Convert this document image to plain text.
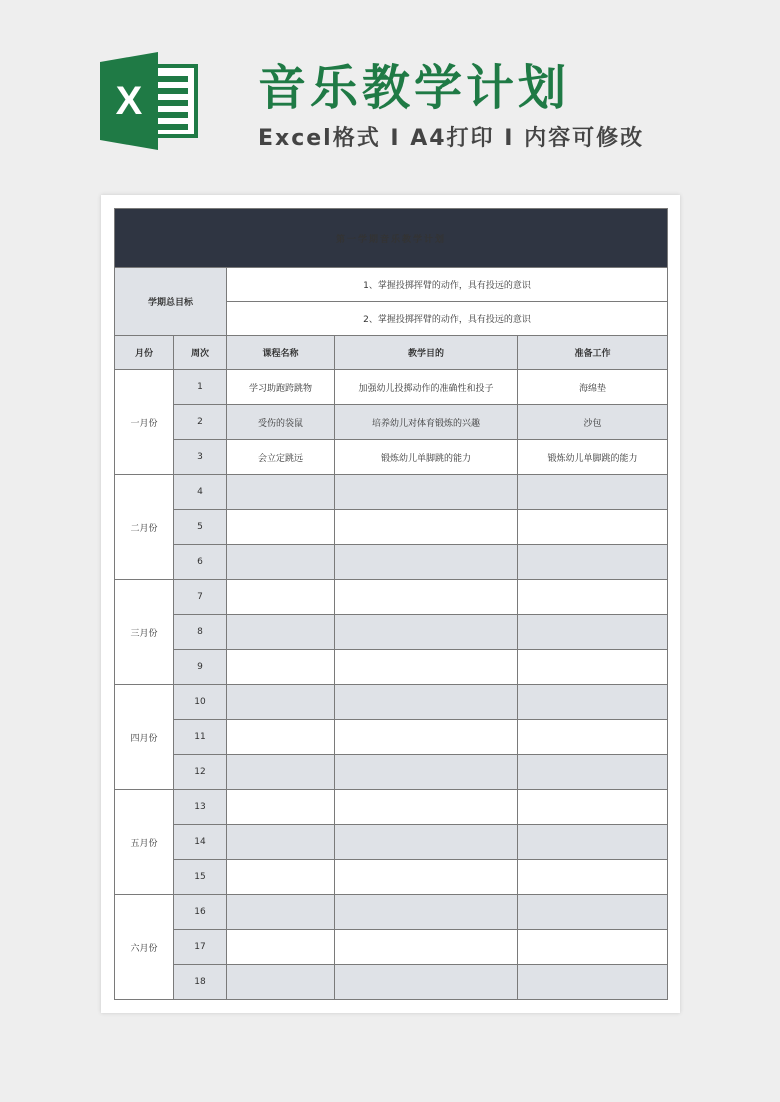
X 音乐教学计划
Excel格式 I A4打印 I 内容可修改
第一学期音乐教学计划				
学期总目标		1、掌握投掷挥臂的动作，具有投远的意识		
		2、掌握投掷挥臂的动作，具有投远的意识		
月份	周次	课程名称	教学目的	准备工作
一月份	1	学习助跑跨跳物	加强幼儿投掷动作的准确性和投子	海绵垫
	2	受伤的袋鼠	培养幼儿对体育锻炼的兴趣	沙包
	3	会立定跳远	锻炼幼儿单脚跳的能力	锻炼幼儿单脚跳的能力
二月份	4			
	5			
	6			
三月份	7			
	8			
	9			
四月份	10			
	11			
	12			
五月份	13			
	14			
	15			
六月份	16			
	17			
	18			
